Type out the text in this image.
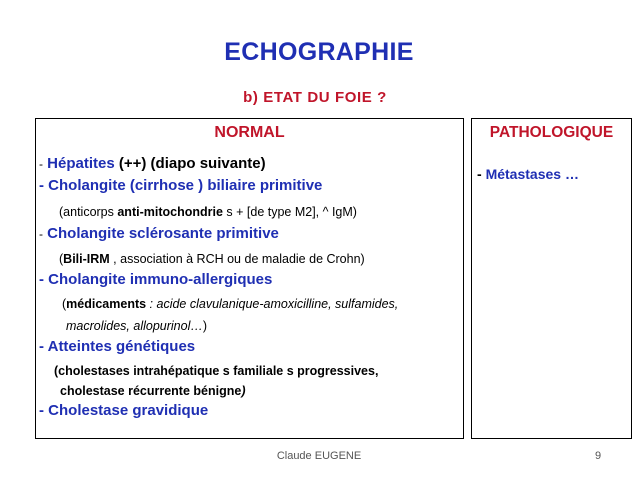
ECHOGRAPHIE
b) ETAT DU FOIE ?
NORMAL
- Hépatites (++) (diapo suivante)
- Cholangite (cirrhose ) biliaire primitive
(anticorps anti-mitochondrie s + [de type M2], ^ IgM)
- Cholangite sclérosante primitive
(Bili-IRM , association à RCH ou de maladie de Crohn)
- Cholangite immuno-allergiques
(médicaments : acide clavulanique-amoxicilline, sulfamides,
macrolides, allopurinol…)
- Atteintes génétiques
(cholestases intrahépatique s familiale s progressives,
cholestase récurrente bénigne)
- Cholestase gravidique
PATHOLOGIQUE
- Métastases …
Claude EUGENE	9
